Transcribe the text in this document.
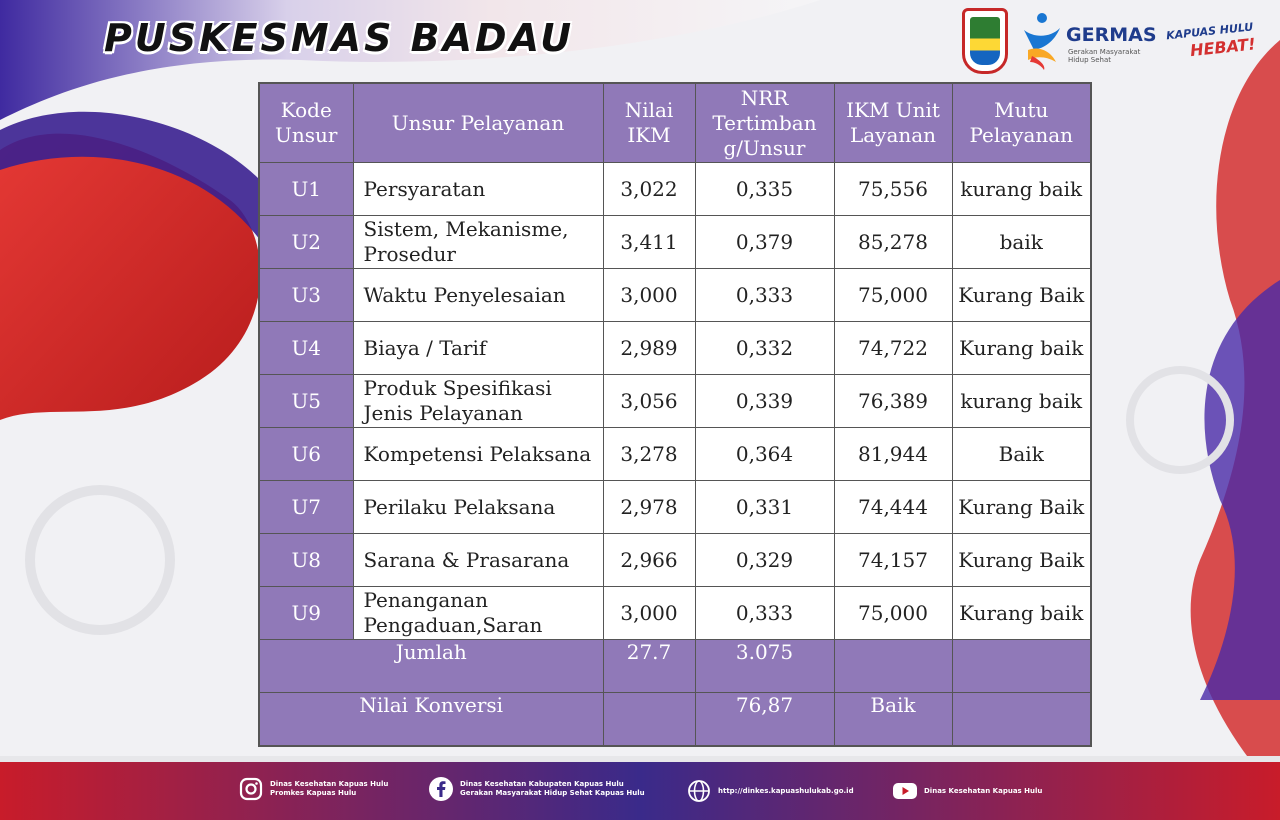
PUSKESMAS BADAU	GERMAS
Gerakan Masyarakat Hidup Sehat
KAPUAS HULU
HEBAT!
Kode Unsur	Unsur Pelayanan	Nilai IKM	NRR Tertimban g/Unsur	IKM Unit Layanan	Mutu Pelayanan
U1	Persyaratan	3,022	0,335	75,556	kurang baik
U2	Sistem, Mekanisme, Prosedur	3,411	0,379	85,278	baik
U3	Waktu Penyelesaian	3,000	0,333	75,000	Kurang Baik
U4	Biaya / Tarif	2,989	0,332	74,722	Kurang baik
U5	Produk Spesifikasi Jenis Pelayanan	3,056	0,339	76,389	kurang baik
U6	Kompetensi Pelaksana	3,278	0,364	81,944	Baik
U7	Perilaku Pelaksana	2,978	0,331	74,444	Kurang Baik
U8	Sarana & Prasarana	2,966	0,329	74,157	Kurang Baik
U9	Penanganan Pengaduan,Saran	3,000	0,333	75,000	Kurang baik
Jumlah		27.7	3.075		
Nilai Konversi			76,87	Baik	
Dinas Kesehatan Kapuas Hulu
Promkes Kapuas Hulu
Dinas Kesehatan Kabupaten Kapuas Hulu
Gerakan Masyarakat Hidup Sehat Kapuas Hulu	http://dinkes.kapuashulukab.go.id	Dinas Kesehatan Kapuas Hulu
